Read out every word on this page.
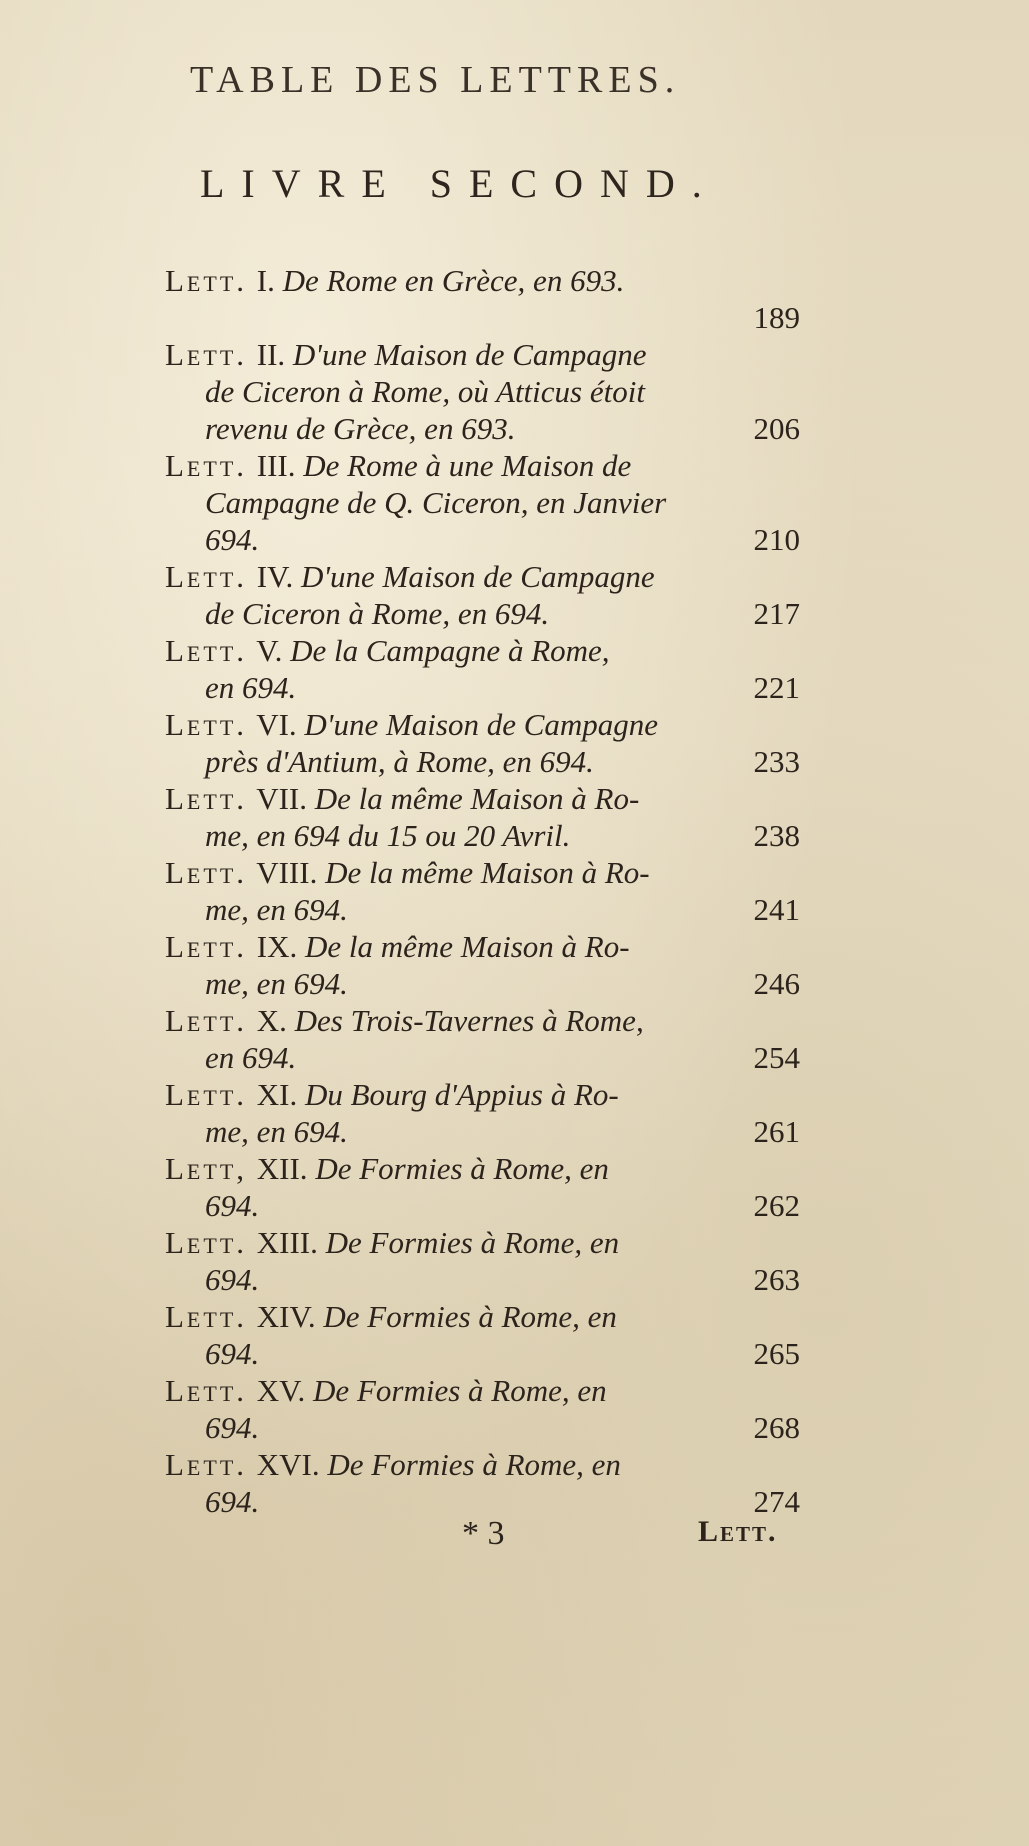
TABLE DES LETTRES.
LIVRE SECOND.
Lett. I. De Rome en Grèce, en 693.
189
Lett. II. D'une Maison de Campagne
de Ciceron à Rome, où Atticus étoit
revenu de Grèce, en 693.	206
Lett. III. De Rome à une Maison de
Campagne de Q. Ciceron, en Janvier
694.	210
Lett. IV. D'une Maison de Campagne
de Ciceron à Rome, en 694.	217
Lett. V. De la Campagne à Rome,
en 694.	221
Lett. VI. D'une Maison de Campagne
près d'Antium, à Rome, en 694.	233
Lett. VII. De la même Maison à Ro-
me, en 694 du 15 ou 20 Avril.	238
Lett. VIII. De la même Maison à Ro-
me, en 694.	241
Lett. IX. De la même Maison à Ro-
me, en 694.	246
Lett. X. Des Trois-Tavernes à Rome,
en 694.	254
Lett. XI. Du Bourg d'Appius à Ro-
me, en 694.	261
Lett, XII. De Formies à Rome, en
694.	262
Lett. XIII. De Formies à Rome, en
694.	263
Lett. XIV. De Formies à Rome, en
694.	265
Lett. XV. De Formies à Rome, en
694.	268
Lett. XVI. De Formies à Rome, en
694.	274
* 3	Lett.
